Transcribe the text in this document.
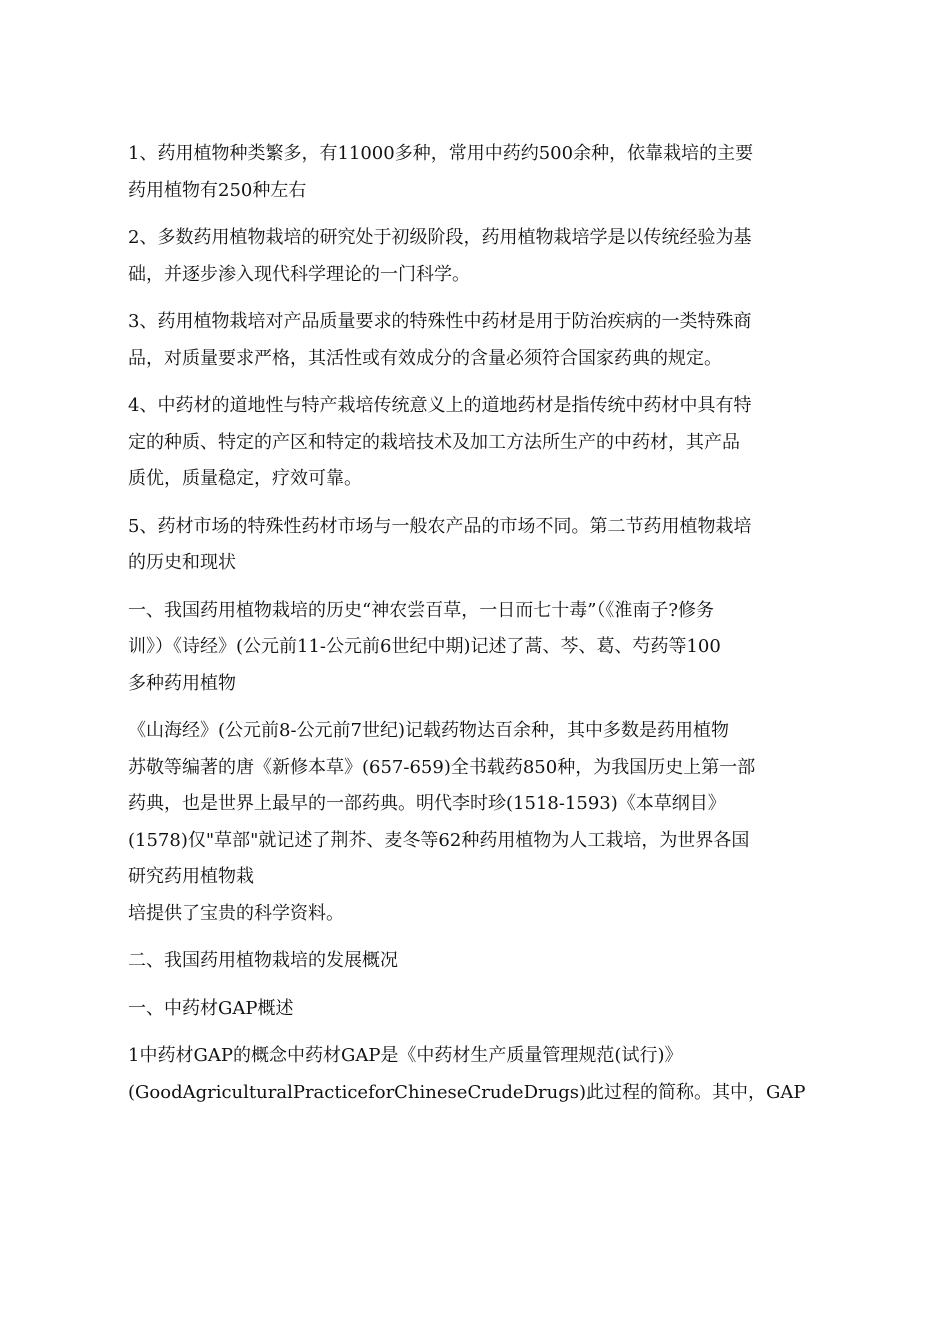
1、药用植物种类繁多，有11000多种，常用中药约500余种，依靠栽培的主要
药用植物有250种左右
2、多数药用植物栽培的研究处于初级阶段，药用植物栽培学是以传统经验为基
础，并逐步渗入现代科学理论的一门科学。
3、药用植物栽培对产品质量要求的特殊性中药材是用于防治疾病的一类特殊商
品，对质量要求严格，其活性或有效成分的含量必须符合国家药典的规定。
4、中药材的道地性与特产栽培传统意义上的道地药材是指传统中药材中具有特
定的种质、特定的产区和特定的栽培技术及加工方法所生产的中药材，其产品
质优，质量稳定，疗效可靠。
5、药材市场的特殊性药材市场与一般农产品的市场不同。第二节药用植物栽培
的历史和现状
一、我国药用植物栽培的历史“神农尝百草，一日而七十毒”（《淮南子?修务
训》）《诗经》(公元前11-公元前6世纪中期)记述了蒿、芩、葛、芍药等100
多种药用植物
《山海经》(公元前8-公元前7世纪)记载药物达百余种，其中多数是药用植物
苏敬等编著的唐《新修本草》(657-659)全书载药850种，为我国历史上第一部
药典，也是世界上最早的一部药典。明代李时珍(1518-1593)《本草纲目》
(1578)仅"草部"就记述了荆芥、麦冬等62种药用植物为人工栽培，为世界各国
研究药用植物栽
培提供了宝贵的科学资料。
二、我国药用植物栽培的发展概况
一、中药材GAP概述
1中药材GAP的概念中药材GAP是《中药材生产质量管理规范(试行)》
(GoodAgriculturalPracticeforChineseCrudeDrugs)此过程的简称。其中，GAP
